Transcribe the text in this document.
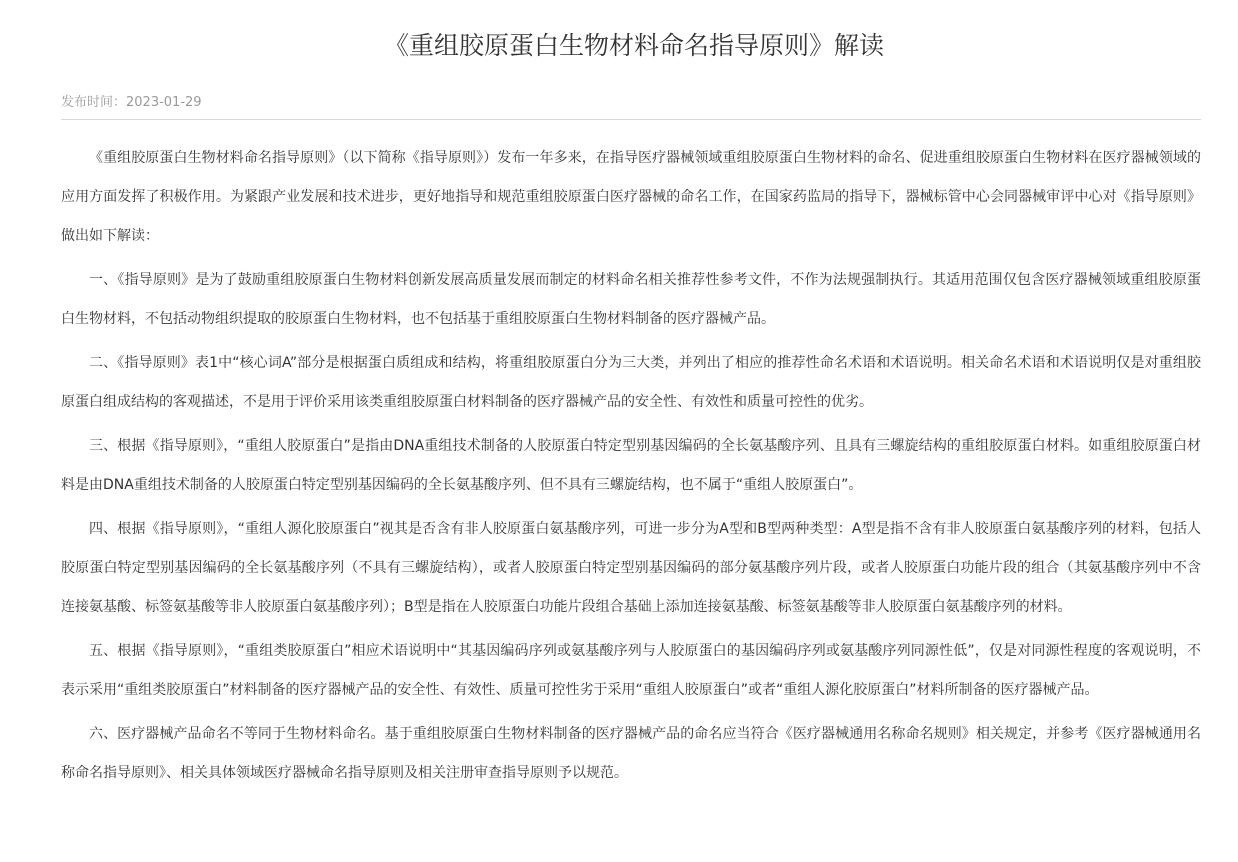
《重组胶原蛋白生物材料命名指导原则》解读
发布时间：2023-01-29

《重组胶原蛋白生物材料命名指导原则》（以下简称《指导原则》）发布一年多来，在指导医疗器械领域重组胶原蛋白生物材料的命名、促进重组胶原蛋白生物材料在医疗器械领域的应用方面发挥了积极作用。为紧跟产业发展和技术进步，更好地指导和规范重组胶原蛋白医疗器械的命名工作，在国家药监局的指导下，器械标管中心会同器械审评中心对《指导原则》做出如下解读：

一、《指导原则》是为了鼓励重组胶原蛋白生物材料创新发展高质量发展而制定的材料命名相关推荐性参考文件，不作为法规强制执行。其适用范围仅包含医疗器械领域重组胶原蛋白生物材料，不包括动物组织提取的胶原蛋白生物材料，也不包括基于重组胶原蛋白生物材料制备的医疗器械产品。

二、《指导原则》表1中“核心词A”部分是根据蛋白质组成和结构，将重组胶原蛋白分为三大类，并列出了相应的推荐性命名术语和术语说明。相关命名术语和术语说明仅是对重组胶原蛋白组成结构的客观描述，不是用于评价采用该类重组胶原蛋白材料制备的医疗器械产品的安全性、有效性和质量可控性的优劣。

三、根据《指导原则》，“重组人胶原蛋白”是指由DNA重组技术制备的人胶原蛋白特定型别基因编码的全长氨基酸序列、且具有三螺旋结构的重组胶原蛋白材料。如重组胶原蛋白材料是由DNA重组技术制备的人胶原蛋白特定型别基因编码的全长氨基酸序列、但不具有三螺旋结构，也不属于“重组人胶原蛋白”。

四、根据《指导原则》，“重组人源化胶原蛋白”视其是否含有非人胶原蛋白氨基酸序列，可进一步分为A型和B型两种类型：A型是指不含有非人胶原蛋白氨基酸序列的材料，包括人胶原蛋白特定型别基因编码的全长氨基酸序列（不具有三螺旋结构），或者人胶原蛋白特定型别基因编码的部分氨基酸序列片段，或者人胶原蛋白功能片段的组合（其氨基酸序列中不含连接氨基酸、标签氨基酸等非人胶原蛋白氨基酸序列）；B型是指在人胶原蛋白功能片段组合基础上添加连接氨基酸、标签氨基酸等非人胶原蛋白氨基酸序列的材料。

五、根据《指导原则》，“重组类胶原蛋白”相应术语说明中“其基因编码序列或氨基酸序列与人胶原蛋白的基因编码序列或氨基酸序列同源性低”，仅是对同源性程度的客观说明，不表示采用“重组类胶原蛋白”材料制备的医疗器械产品的安全性、有效性、质量可控性劣于采用“重组人胶原蛋白”或者“重组人源化胶原蛋白”材料所制备的医疗器械产品。

六、医疗器械产品命名不等同于生物材料命名。基于重组胶原蛋白生物材料制备的医疗器械产品的命名应当符合《医疗器械通用名称命名规则》相关规定，并参考《医疗器械通用名称命名指导原则》、相关具体领域医疗器械命名指导原则及相关注册审查指导原则予以规范。
